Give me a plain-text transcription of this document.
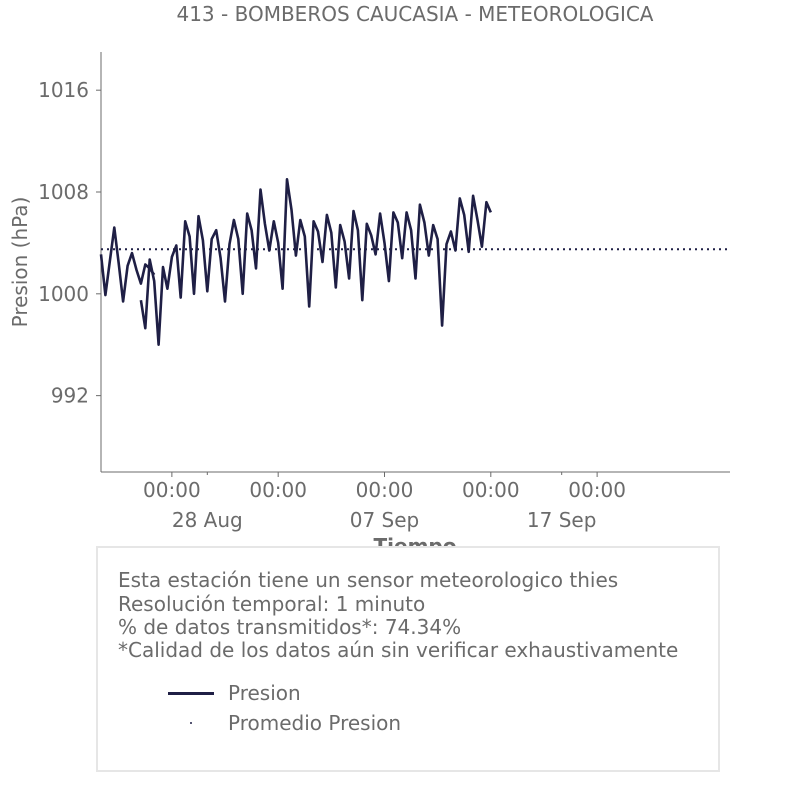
413 - BOMBEROS CAUCASIA - METEOROLOGICA
992
1000
1008
1016
00:00 00:00 00:00 00:00 00:00
28 Aug	07 Sep	17 Sep
Presion (hPa)
Esta estación tiene un sensor meteorologico thies
Resolución temporal: 1 minuto
% de datos transmitidos*: 74.34%
*Calidad de los datos aún sin verificar exhaustivamente
Presion
Promedio Presion
